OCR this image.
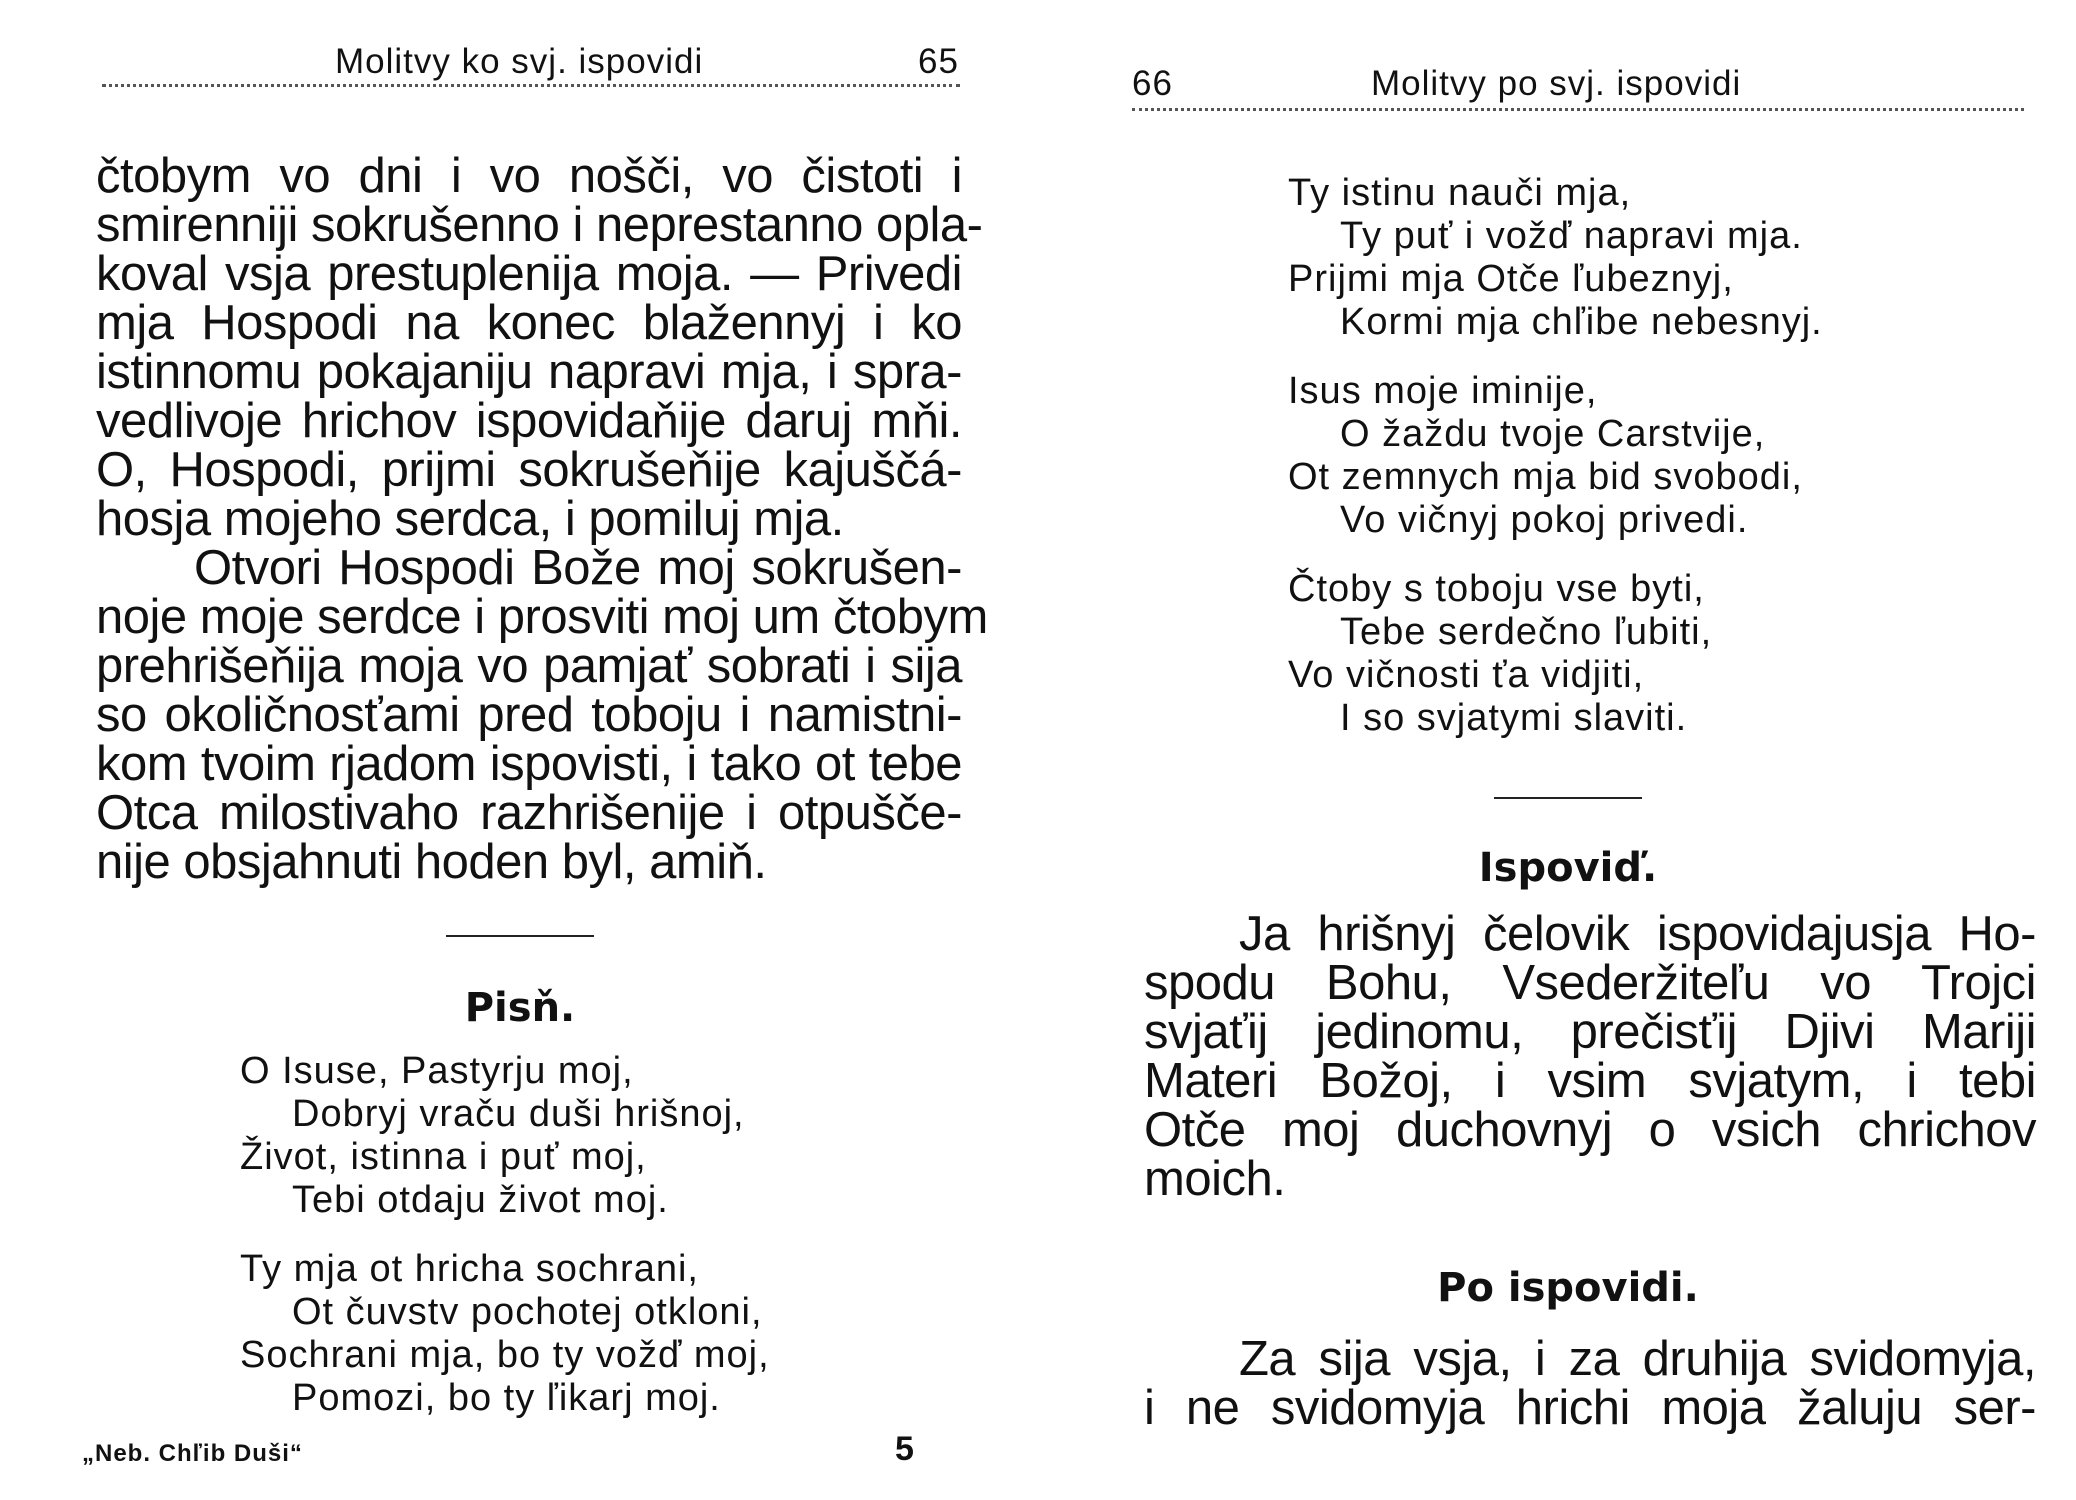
Molitvy ko svj. ispovidi	65
čtobym vo dni i vo nošči, vo čistoti i
smirenniji sokrušenno i neprestanno opla-
koval vsja prestuplenija moja. — Privedi
mja Hospodi na konec blažennyj i ko
istinnomu pokajaniju napravi mja, i spra-
vedlivoje hrichov ispovidaňije daruj mňi.
O, Hospodi, prijmi sokrušeňije kajuščá-
hosja mojeho serdca, i pomiluj mja.
Otvori Hospodi Bože moj sokrušen-
noje moje serdce i prosviti moj um čtobym
prehrišeňija moja vo pamjať sobrati i sija
so okoličnosťami pred toboju i namistni-
kom tvoim rjadom ispovisti, i tako ot tebe
Otca milostivaho razhrišenije i otpušče-
nije obsjahnuti hoden byl, amiň.
Pisň.
O Isuse, Pastyrju moj,
Dobryj vraču duši hrišnoj,
Život, istinna i puť moj,
Tebi otdaju život moj.
Ty mja ot hricha sochrani,
Ot čuvstv pochotej otkloni,
Sochrani mja, bo ty vožď moj,
Pomozi, bo ty ľikarj moj.
„Neb. Chľib Duši“	5
66	Molitvy po svj. ispovidi
Ty istinu nauči mja,
Ty puť i vožď napravi mja.
Prijmi mja Otče ľubeznyj,
Kormi mja chľibe nebesnyj.
Isus moje iminije,
O žaždu tvoje Carstvije,
Ot zemnych mja bid svobodi,
Vo vičnyj pokoj privedi.
Čtoby s toboju vse byti,
Tebe serdečno ľubiti,
Vo vičnosti ťa vidjiti,
I so svjatymi slaviti.
Ispoviď.
Ja hrišnyj čelovik ispovidajusja Ho-
spodu Bohu, Vsederžiteľu vo Trojci
svjaťij jedinomu, prečisťij Djivi Mariji
Materi Božoj, i vsim svjatym, i tebi
Otče moj duchovnyj o vsich chrichov
moich.
Po ispovidi.
Za sija vsja, i za druhija svidomyja,
i ne svidomyja hrichi moja žaluju ser-
